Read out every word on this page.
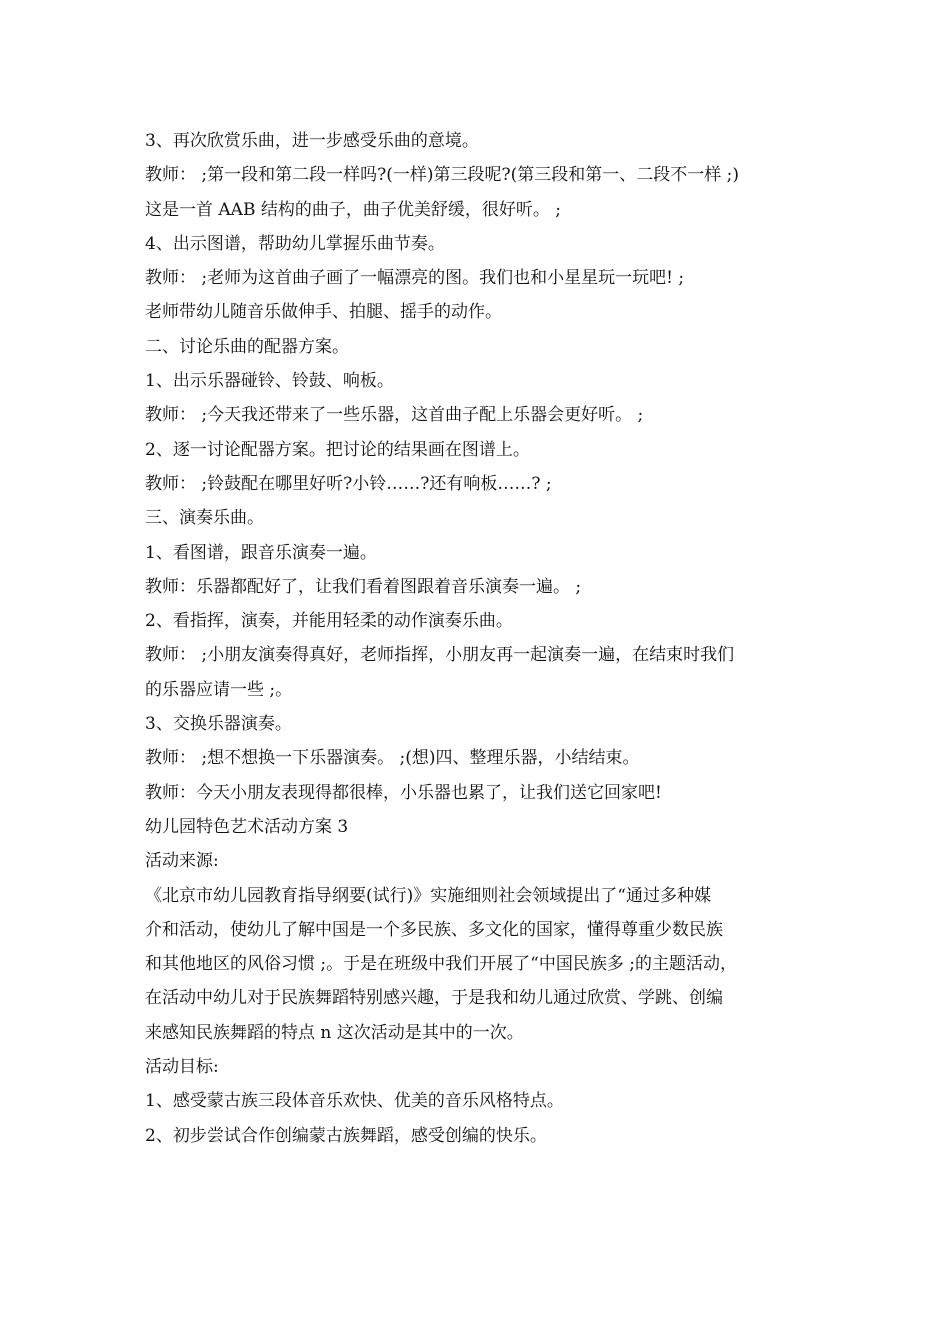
3、再次欣赏乐曲，进一步感受乐曲的意境。
教师： ;第一段和第二段一样吗?(一样)第三段呢?(第三段和第一、二段不一样 ;)
这是一首 AAB 结构的曲子，曲子优美舒缓，很好听。 ;
4、出示图谱，帮助幼儿掌握乐曲节奏。
教师： ;老师为这首曲子画了一幅漂亮的图。我们也和小星星玩一玩吧! ;
老师带幼儿随音乐做伸手、拍腿、摇手的动作。
二、讨论乐曲的配器方案。
1、出示乐器碰铃、铃鼓、响板。
教师： ;今天我还带来了一些乐器，这首曲子配上乐器会更好听。 ;
2、逐一讨论配器方案。把讨论的结果画在图谱上。
教师： ;铃鼓配在哪里好听?小铃……?还有响板……? ;
三、演奏乐曲。
1、看图谱，跟音乐演奏一遍。
教师：乐器都配好了，让我们看着图跟着音乐演奏一遍。 ;
2、看指挥，演奏，并能用轻柔的动作演奏乐曲。
教师： ;小朋友演奏得真好，老师指挥，小朋友再一起演奏一遍，在结束时我们
的乐器应请一些 ;。
3、交换乐器演奏。
教师： ;想不想换一下乐器演奏。 ;(想)四、整理乐器，小结结束。
教师：今天小朋友表现得都很棒，小乐器也累了，让我们送它回家吧!
幼儿园特色艺术活动方案 3
活动来源:
《北京市幼儿园教育指导纲要(试行)》实施细则社会领域提出了“通过多种媒
介和活动，使幼儿了解中国是一个多民族、多文化的国家，懂得尊重少数民族
和其他地区的风俗习惯 ;。于是在班级中我们开展了“中国民族多 ;的主题活动，
在活动中幼儿对于民族舞蹈特别感兴趣，于是我和幼儿通过欣赏、学跳、创编
来感知民族舞蹈的特点 n 这次活动是其中的一次。
活动目标:
1、感受蒙古族三段体音乐欢快、优美的音乐风格特点。
2、初步尝试合作创编蒙古族舞蹈，感受创编的快乐。
